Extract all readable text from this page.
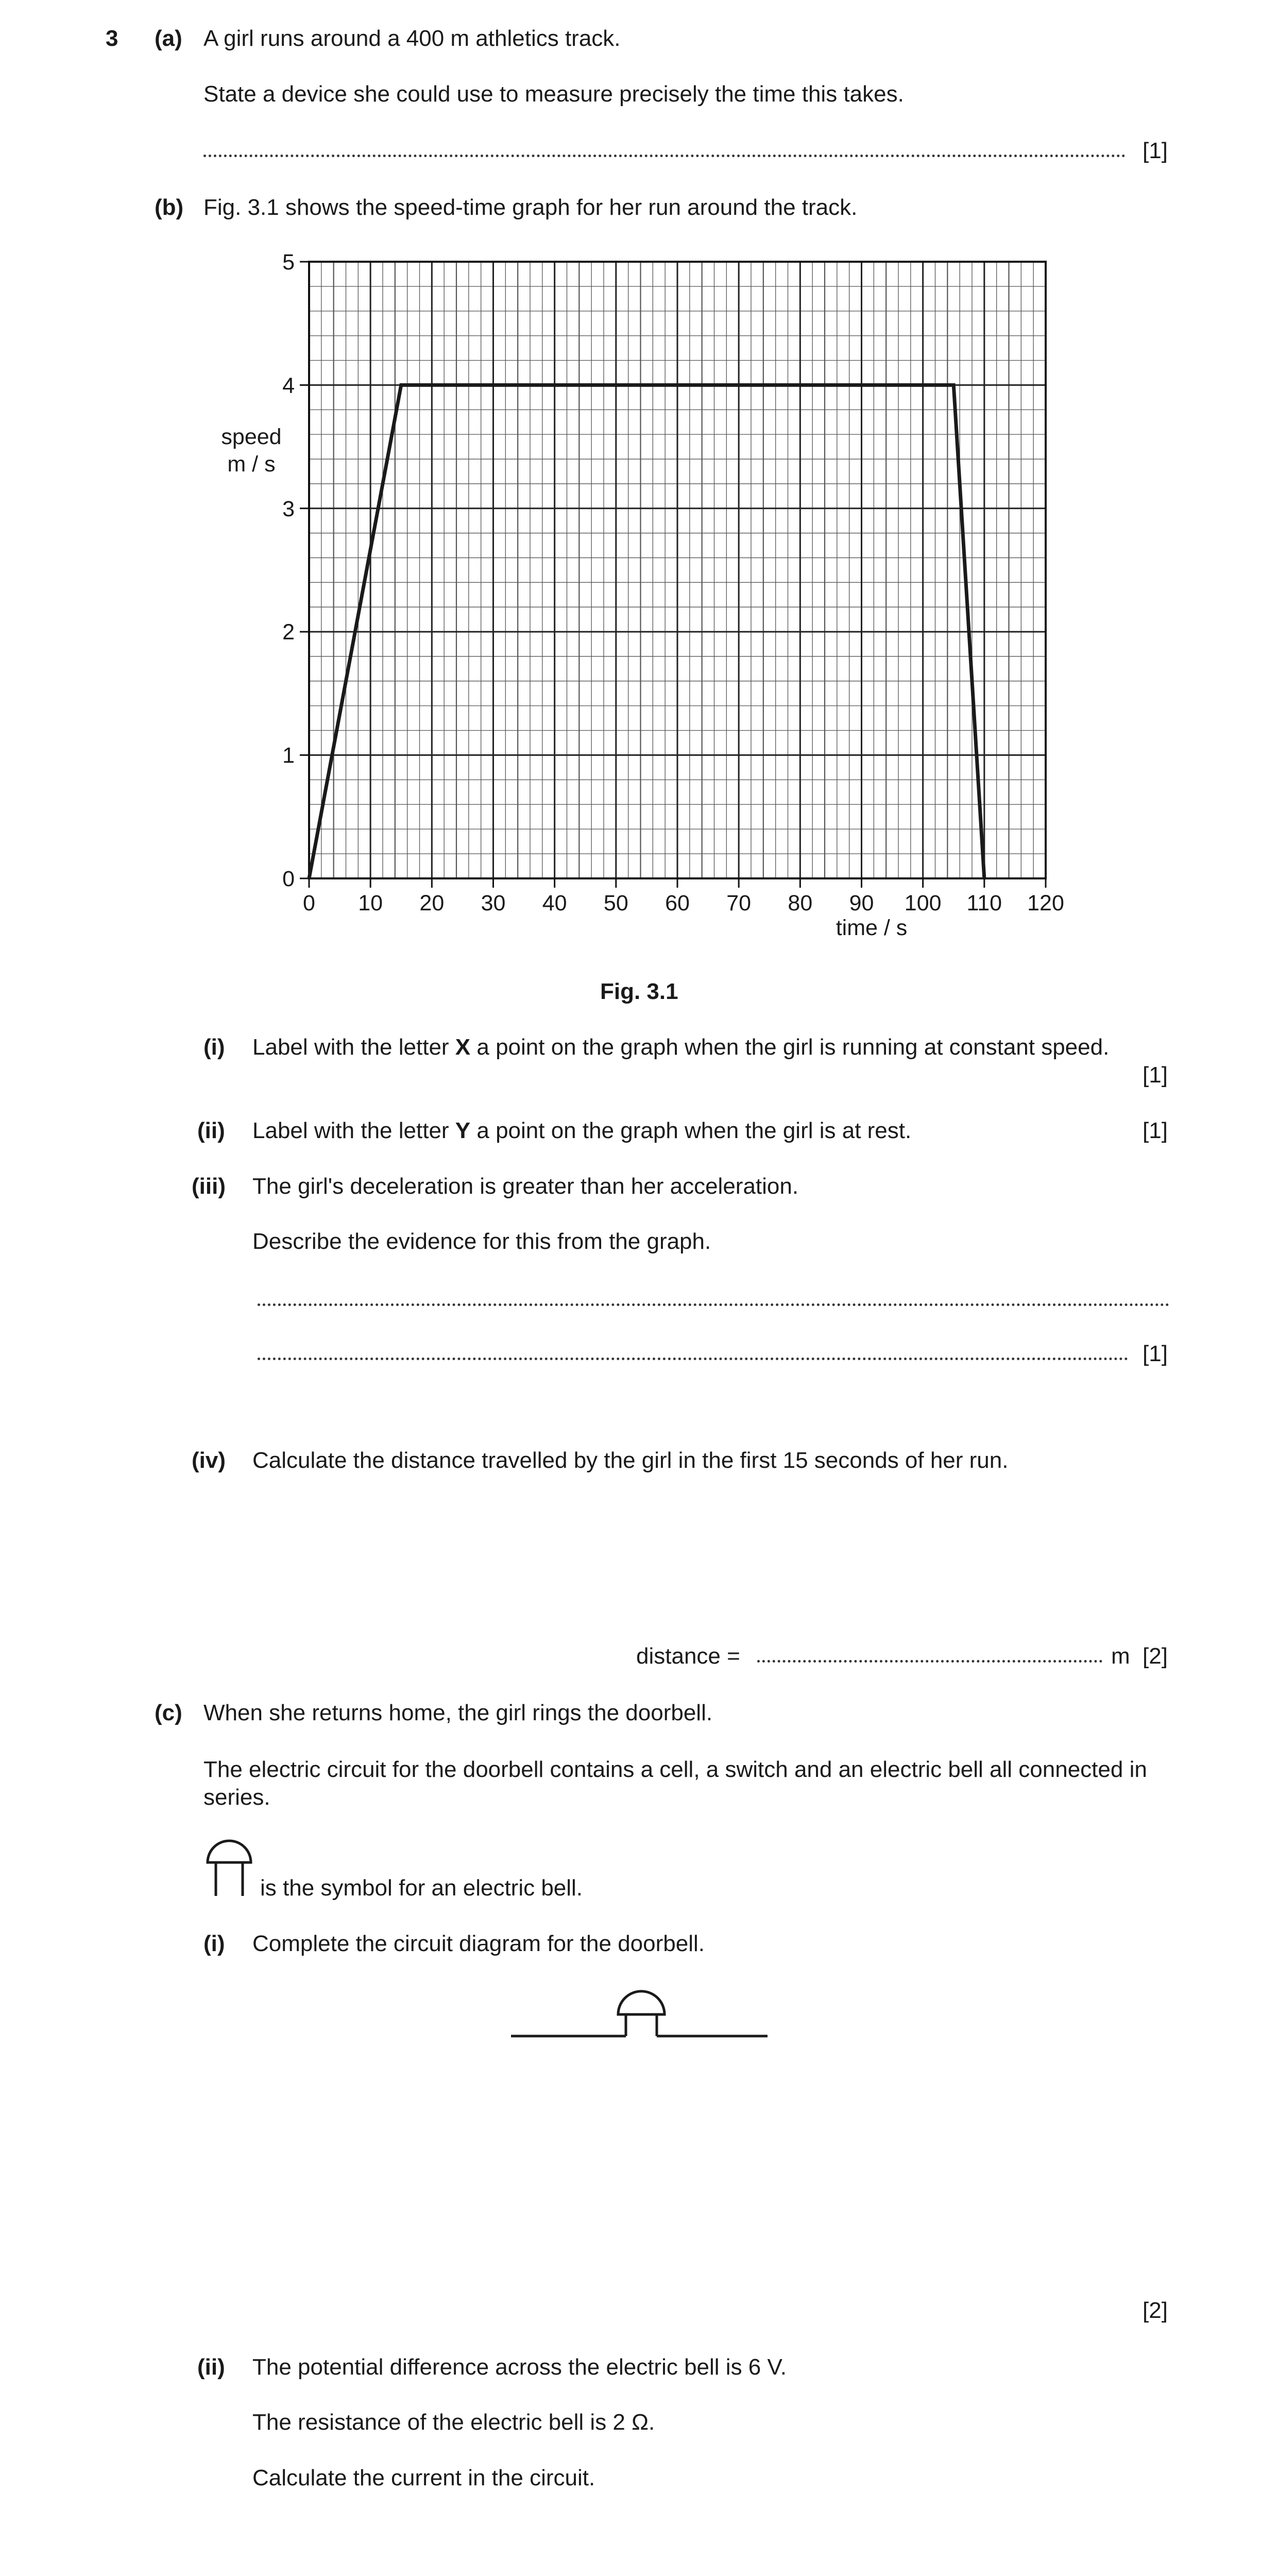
3 (a) A girl runs around a 400 m athletics track.
State a device she could use to measure precisely the time this takes.
[1]
(b) Fig. 3.1 shows the speed-time graph for her run around the track.
0 10 20 30 40 50 60 70 80 90 100 110 120
0
1
2
3
4
5
speed
m / s
time / s
Fig. 3.1
(i) Label with the letter X a point on the graph when the girl is running at constant speed.
[1]
(ii) Label with the letter Y a point on the graph when the girl is at rest.	[1]
(iii) The girl's deceleration is greater than her acceleration.
Describe the evidence for this from the graph.
[1]
(iv) Calculate the distance travelled by the girl in the first 15 seconds of her run.
distance =	m [2]
(c) When she returns home, the girl rings the doorbell.
The electric circuit for the doorbell contains a cell, a switch and an electric bell all connected in series.
is the symbol for an electric bell.
(i) Complete the circuit diagram for the doorbell.
[2]
(ii) The potential difference across the electric bell is 6 V.
The resistance of the electric bell is 2 Ω.
Calculate the current in the circuit.
